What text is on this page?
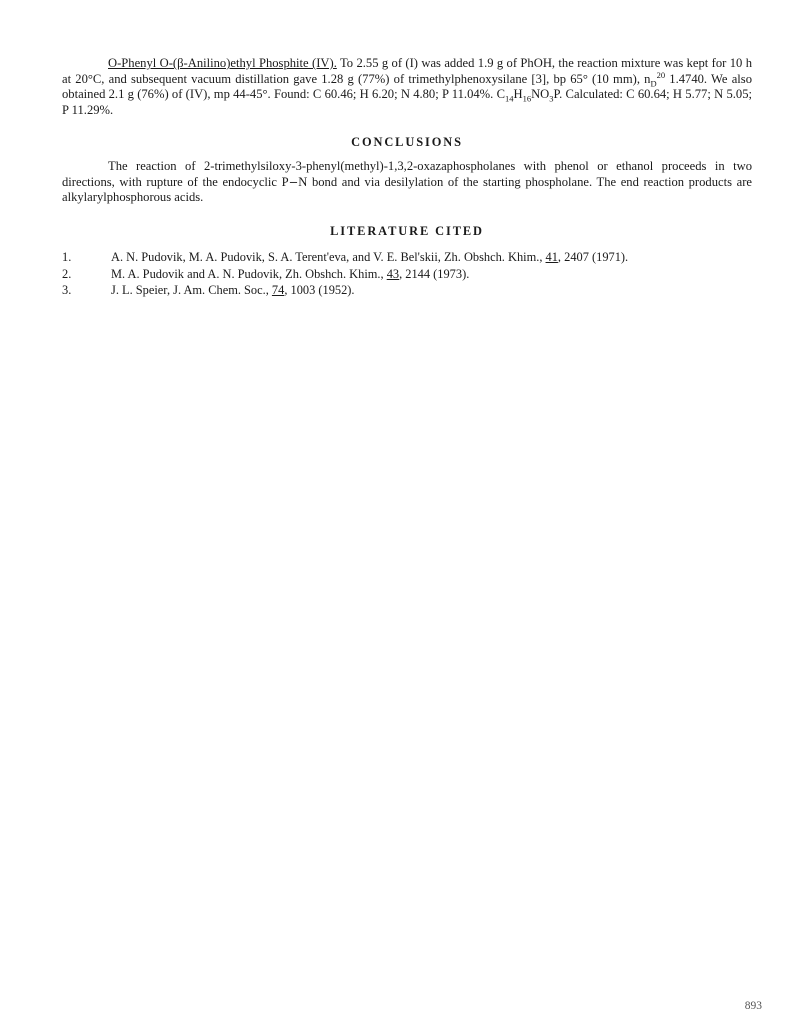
O-Phenyl O-(β-Anilino)ethyl Phosphite (IV). To 2.55 g of (I) was added 1.9 g of PhOH, the reaction mixture was kept for 10 h at 20°C, and subsequent vacuum distillation gave 1.28 g (77%) of trimethylphenoxysilane [3], bp 65° (10 mm), $n_D^{20}$ 1.4740. We also obtained 2.1 g (76%) of (IV), mp 44-45°. Found: C 60.46; H 6.20; N 4.80; P 11.04%. $C_{14}H_{16}NO_3P$. Calculated: C 60.64; H 5.77; N 5.05; P 11.29%.

CONCLUSIONS

The reaction of 2-trimethylsiloxy-3-phenyl(methyl)-1,3,2-oxazaphospholanes with phenol or ethanol proceeds in two directions, with rupture of the endocyclic P−N bond and via desilylation of the starting phospholane. The end reaction products are alkylarylphosphorous acids.

LITERATURE CITED
1.	A. N. Pudovik, M. A. Pudovik, S. A. Terent'eva, and V. E. Bel'skii, Zh. Obshch. Khim., 41, 2407 (1971).
2.	M. A. Pudovik and A. N. Pudovik, Zh. Obshch. Khim., 43, 2144 (1973).
3.	J. L. Speier, J. Am. Chem. Soc., 74, 1003 (1952).
893
